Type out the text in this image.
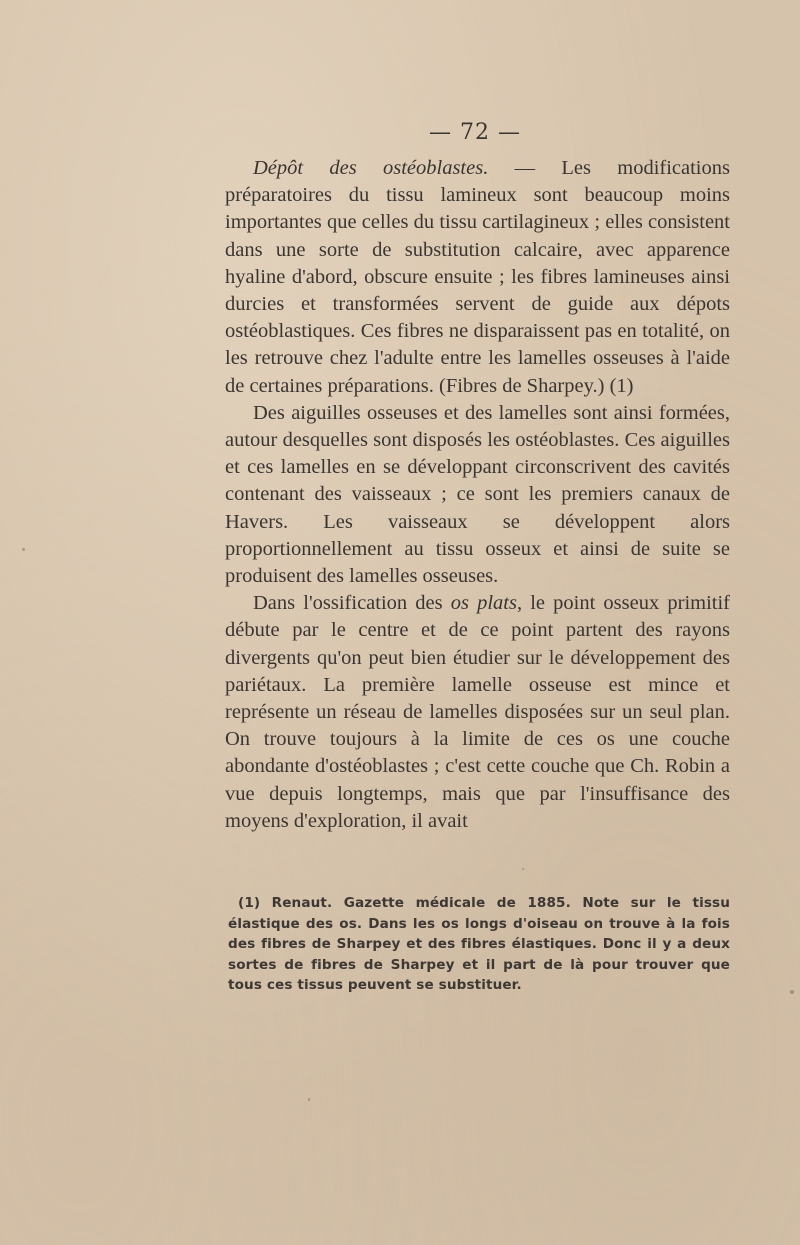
— 72 —

Dépôt des ostéoblastes. — Les modifications préparatoires du tissu lamineux sont beaucoup moins importantes que celles du tissu cartilagineux ; elles consistent dans une sorte de substitution calcaire, avec apparence hyaline d'abord, obscure ensuite ; les fibres lamineuses ainsi durcies et transformées servent de guide aux dépots ostéoblastiques. Ces fibres ne disparaissent pas en totalité, on les retrouve chez l'adulte entre les lamelles osseuses à l'aide de certaines préparations. (Fibres de Sharpey.) (1)

Des aiguilles osseuses et des lamelles sont ainsi formées, autour desquelles sont disposés les ostéoblastes. Ces aiguilles et ces lamelles en se développant circonscrivent des cavités contenant des vaisseaux ; ce sont les premiers canaux de Havers. Les vaisseaux se développent alors proportionnellement au tissu osseux et ainsi de suite se produisent des lamelles osseuses.

Dans l'ossification des os plats, le point osseux primitif débute par le centre et de ce point partent des rayons divergents qu'on peut bien étudier sur le développement des pariétaux. La première lamelle osseuse est mince et représente un réseau de lamelles disposées sur un seul plan. On trouve toujours à la limite de ces os une couche abondante d'ostéoblastes ; c'est cette couche que Ch. Robin a vue depuis longtemps, mais que par l'insuffisance des moyens d'exploration, il avait

(1) Renaut. Gazette médicale de 1885. Note sur le tissu élastique des os. Dans les os longs d'oiseau on trouve à la fois des fibres de Sharpey et des fibres élastiques. Donc il y a deux sortes de fibres de Sharpey et il part de là pour trouver que tous ces tissus peuvent se substituer.
